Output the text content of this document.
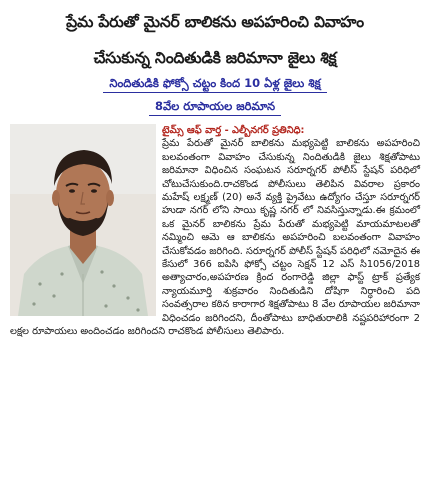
ప్రేమ పేరుతో మైనర్ బాలికను అపహరించి వివాహం

చేసుకున్న నిందితుడికి జరిమానా జైలు శిక్ష

నిందితుడికి ఫోక్సో చట్టం కింద 10 ఏళ్ల జైలు శిక్ష
8వేల రూపాయల జరిమాన
టైమ్స్ ఆఫ్ వార్త - ఎల్బీనగర్ ప్రతినిధి:
ప్రేమ పేరుతో మైనర్ బాలికను మభ్యపెట్టి బాలికను అపహరించి బలవంతంగా వివాహం చేసుకున్న నిందితుడికి జైలు శిక్షతోపాటు జరిమానా విధించిన సంఘటన సరూర్నగర్ పోలీస్ స్టేషన్ పరిధిలో చోటుచేసుకుంది.రాచకొండ పోలీసులు తెలిపిన వివరాల ప్రకారం మహేష్ లక్ష్మణ్ (20) అనే వ్యక్తి ప్రైవేటు ఉద్యోగం చేస్తూ సరూర్నగర్ హుడా నగర్ లోని సాయి కృష్ణ నగర్ లో నివసిస్తున్నాడు.ఈ క్రమంలో ఒక మైనర్ బాలికను ప్రేమ పేరుతో మభ్యపెట్టి మాయమాటలతో నమ్మించి ఆమె ఆ బాలికను అపహరించి బలవంతంగా వివాహం చేసుకోవడం జరిగింది. సరూర్నగర్ పోలీస్ స్టేషన్ పరిధిలో నమోదైన ఈ కేసులో 366 ఐపిసి ఫోక్సో చట్టం సెక్షన్ 12 ఎస్ సి1056/2018 అత్యాచారం,అపహరణ క్రింద రంగారెడ్డి జిల్లా ఫాస్ట్ ట్రాక్ ప్రత్యేక న్యాయమూర్తి శుక్రవారం నిందితుడిని దోషిగా నిర్ధారించి పది సంవత్సరాల కఠిన కారాగార శిక్షతోపాటు 8 వేల రూపాయల జరిమానా విధించడం జరిగిందని, దీంతోపాటు బాధితురాలికి నష్టపరిహారంగా 2 లక్షల రూపాయలు అందించడం జరిగిందని రాచకొండ పోలీసులు తెలిపారు.
